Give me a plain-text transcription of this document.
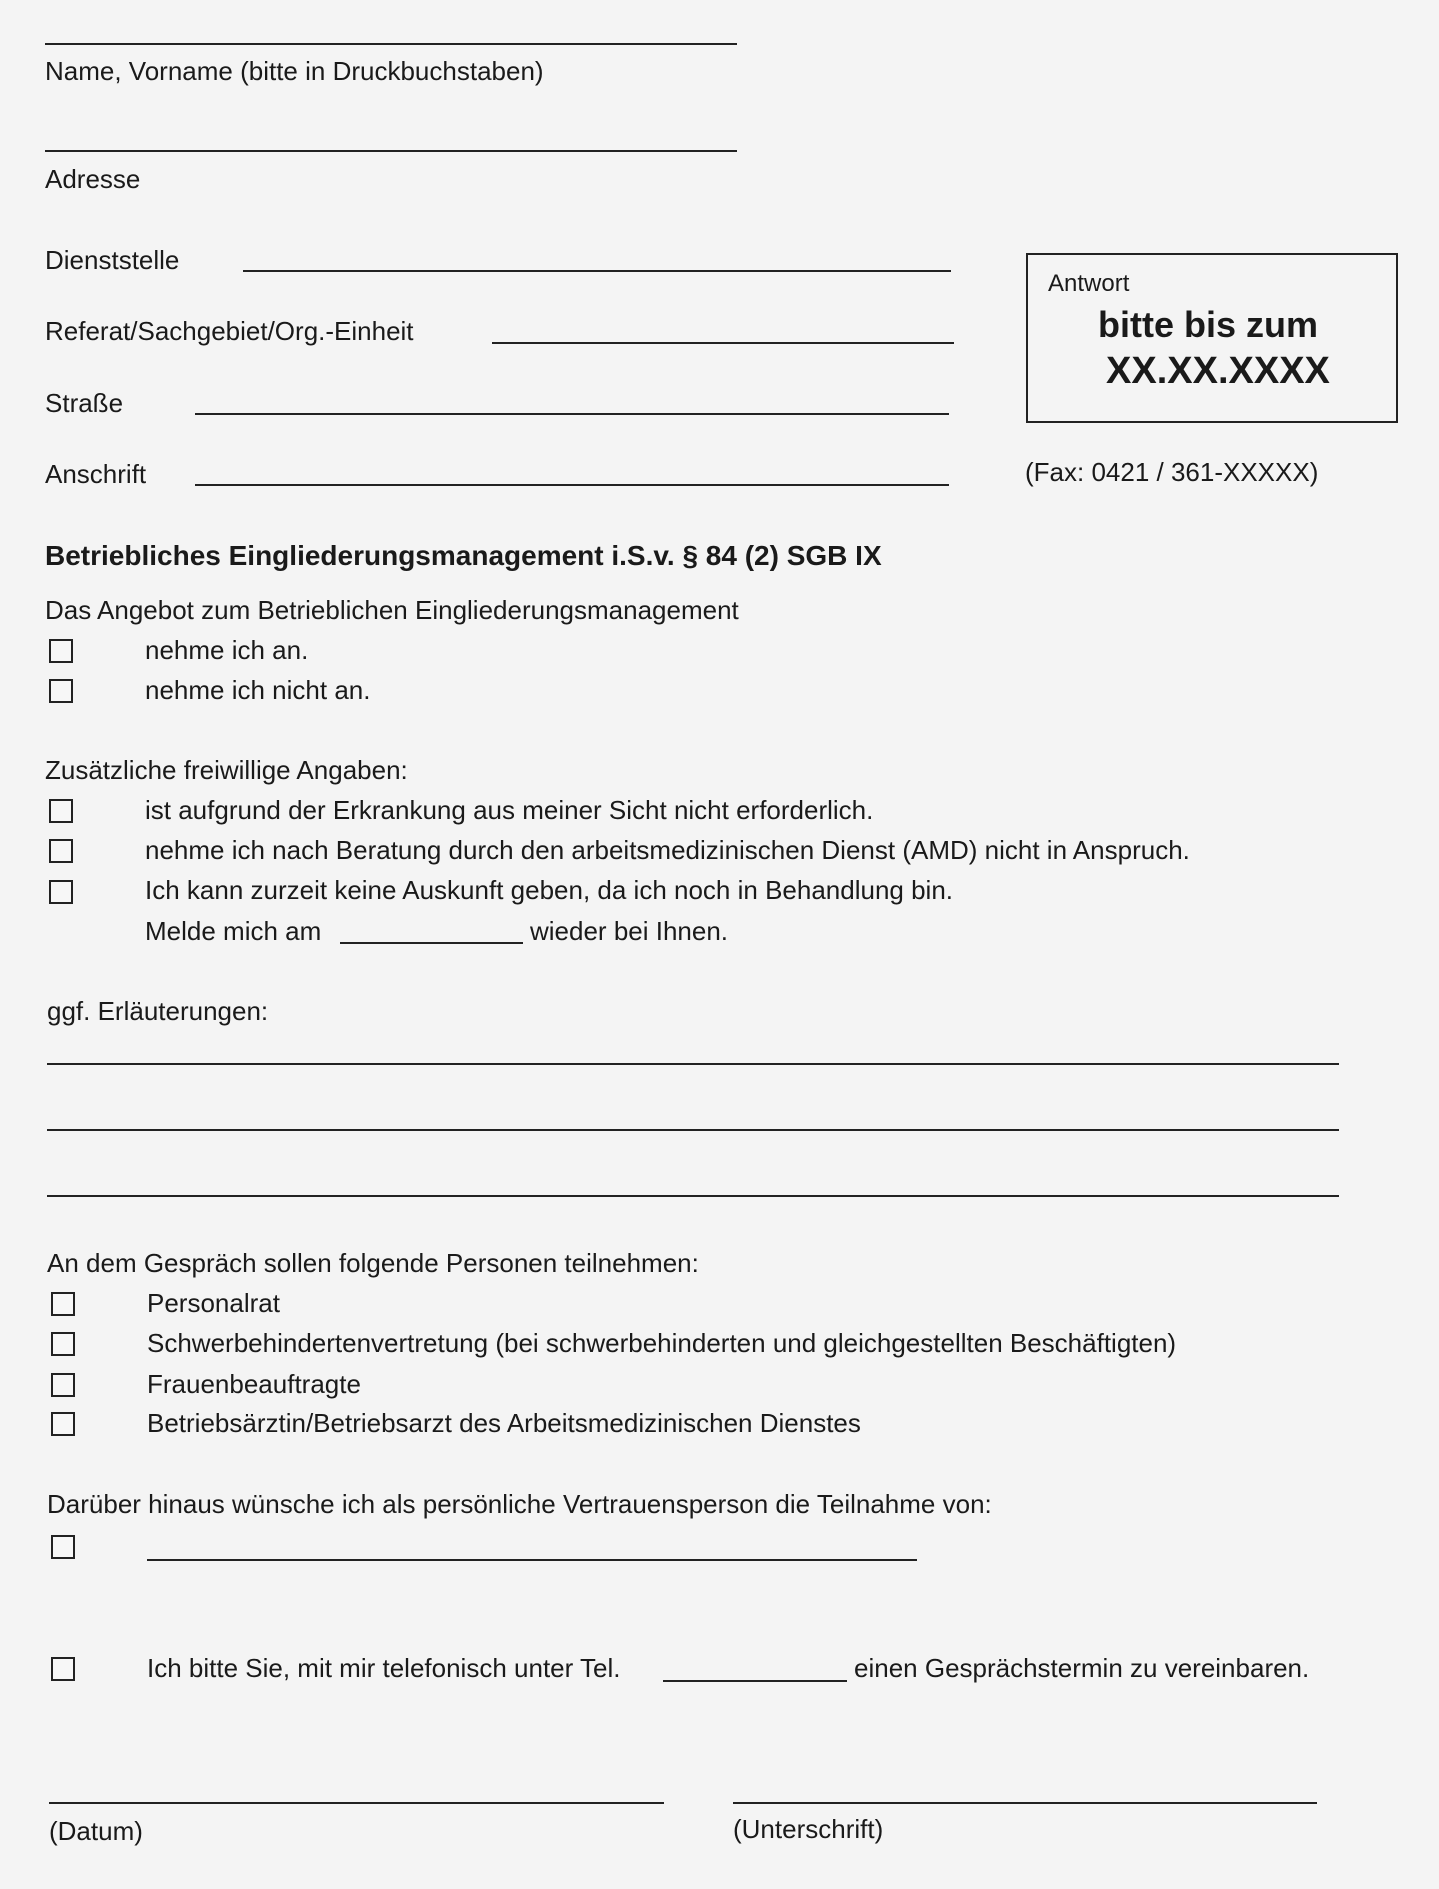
Name, Vorname (bitte in Druckbuchstaben)
Adresse
Dienststelle
Referat/Sachgebiet/Org.-Einheit
Straße
Anschrift
Antwort
bitte bis zum
XX.XX.XXXX
(Fax: 0421 / 361-XXXXX)
Betriebliches Eingliederungsmanagement i.S.v. § 84 (2) SGB IX
Das Angebot zum Betrieblichen Eingliederungsmanagement
nehme ich an.
nehme ich nicht an.
Zusätzliche freiwillige Angaben:
ist aufgrund der Erkrankung aus meiner Sicht nicht erforderlich.
nehme ich nach Beratung durch den arbeitsmedizinischen Dienst (AMD) nicht in Anspruch.
Ich kann zurzeit keine Auskunft geben, da ich noch in Behandlung bin.
Melde mich am	wieder bei Ihnen.
ggf. Erläuterungen:
An dem Gespräch sollen folgende Personen teilnehmen:
Personalrat
Schwerbehindertenvertretung (bei schwerbehinderten und gleichgestellten Beschäftigten)
Frauenbeauftragte
Betriebsärztin/Betriebsarzt des Arbeitsmedizinischen Dienstes
Darüber hinaus wünsche ich als persönliche Vertrauensperson die Teilnahme von:
Ich bitte Sie, mit mir telefonisch unter Tel.	einen Gesprächstermin zu vereinbaren.
(Datum)	(Unterschrift)
